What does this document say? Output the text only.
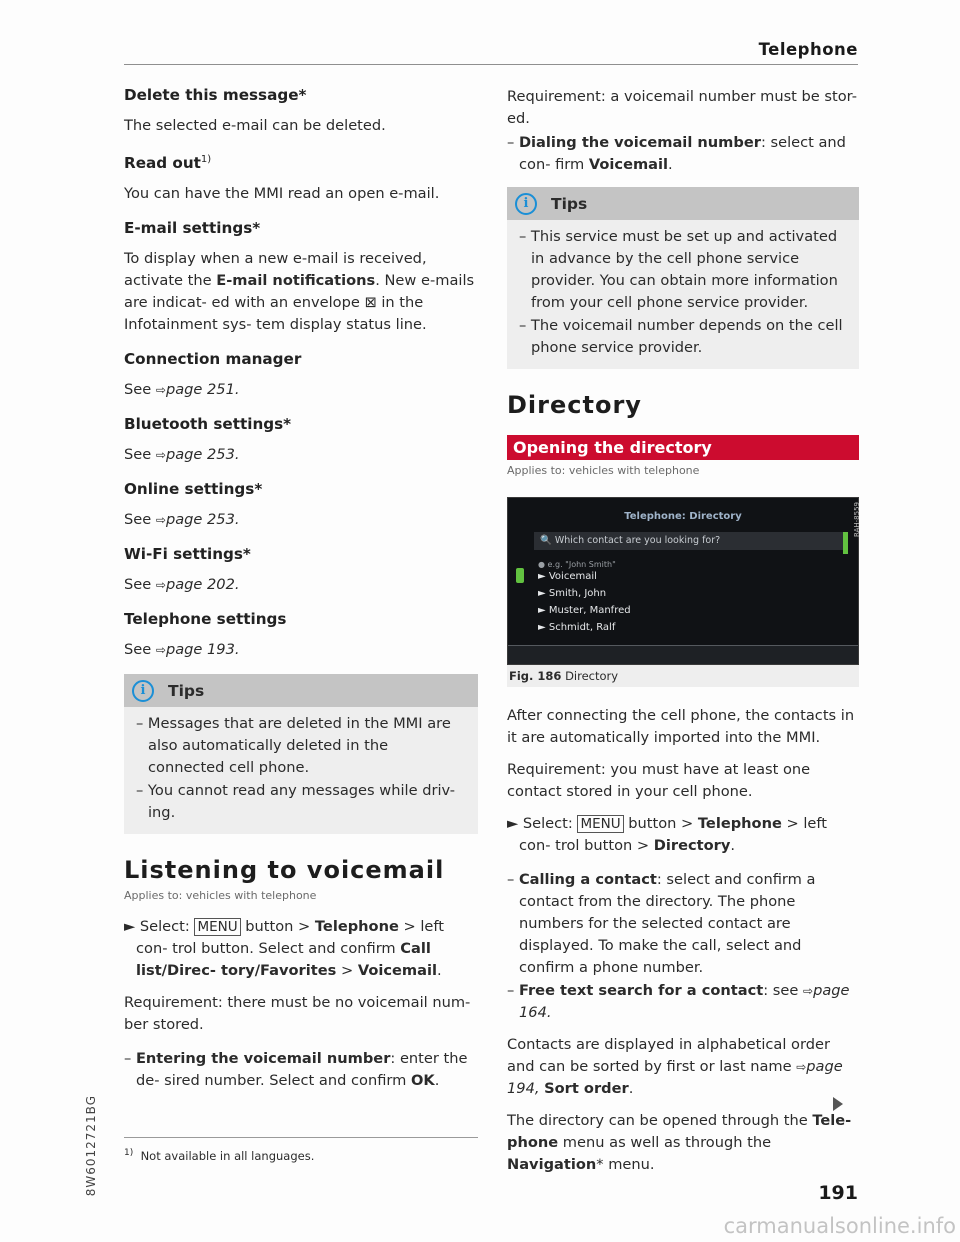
Telephone
Delete this message*

The selected e-mail can be deleted.

Read out$^{1)}$

You can have the MMI read an open e-mail.

E-mail settings*

To display when a new e-mail is received, activate the E-mail notifications. New e-mails are indicat- ed with an envelope ⊠ in the Infotainment sys- tem display status line.

Connection manager

See ⇨page 251.

Bluetooth settings*

See ⇨page 253.

Online settings*

See ⇨page 253.

Wi-Fi settings*

See ⇨page 202.

Telephone settings

See ⇨page 193.

i	Tips

– Messages that are deleted in the MMI are also automatically deleted in the connected cell phone.

– You cannot read any messages while driv- ing.

Listening to voicemail
Applies to: vehicles with telephone

► Select: MENU button > Telephone > left con- trol button. Select and confirm Call list/Direc- tory/Favorites > Voicemail.

Requirement: there must be no voicemail num- ber stored.

– Entering the voicemail number: enter the de- sired number. Select and confirm OK.

Requirement: a voicemail number must be stor- ed.

– Dialing the voicemail number: select and con- firm Voicemail.

i	Tips

– This service must be set up and activated in advance by the cell phone service provider. You can obtain more information from your cell phone service provider.

– The voicemail number depends on the cell phone service provider.

Directory
Opening the directory
Applies to: vehicles with telephone
Telephone: Directory	RAH-8559
🔍 Which contact are you looking for?
● e.g. "John Smith"
► Voicemail
► Smith, John
► Muster, Manfred
► Schmidt, Ralf
Fig. 186 Directory

After connecting the cell phone, the contacts in it are automatically imported into the MMI.

Requirement: you must have at least one contact stored in your cell phone.

► Select: MENU button > Telephone > left con- trol button > Directory.

– Calling a contact: select and confirm a contact from the directory. The phone numbers for the selected contact are displayed. To make the call, select and confirm a phone number.

– Free text search for a contact: see ⇨page 164.

Contacts are displayed in alphabetical order and can be sorted by first or last name ⇨page 194, Sort order.

The directory can be opened through the Tele- phone menu as well as through the Navigation* menu.

$^{1)}$ Not available in all languages.
8W6012721BG	191
carmanualsonline.info
